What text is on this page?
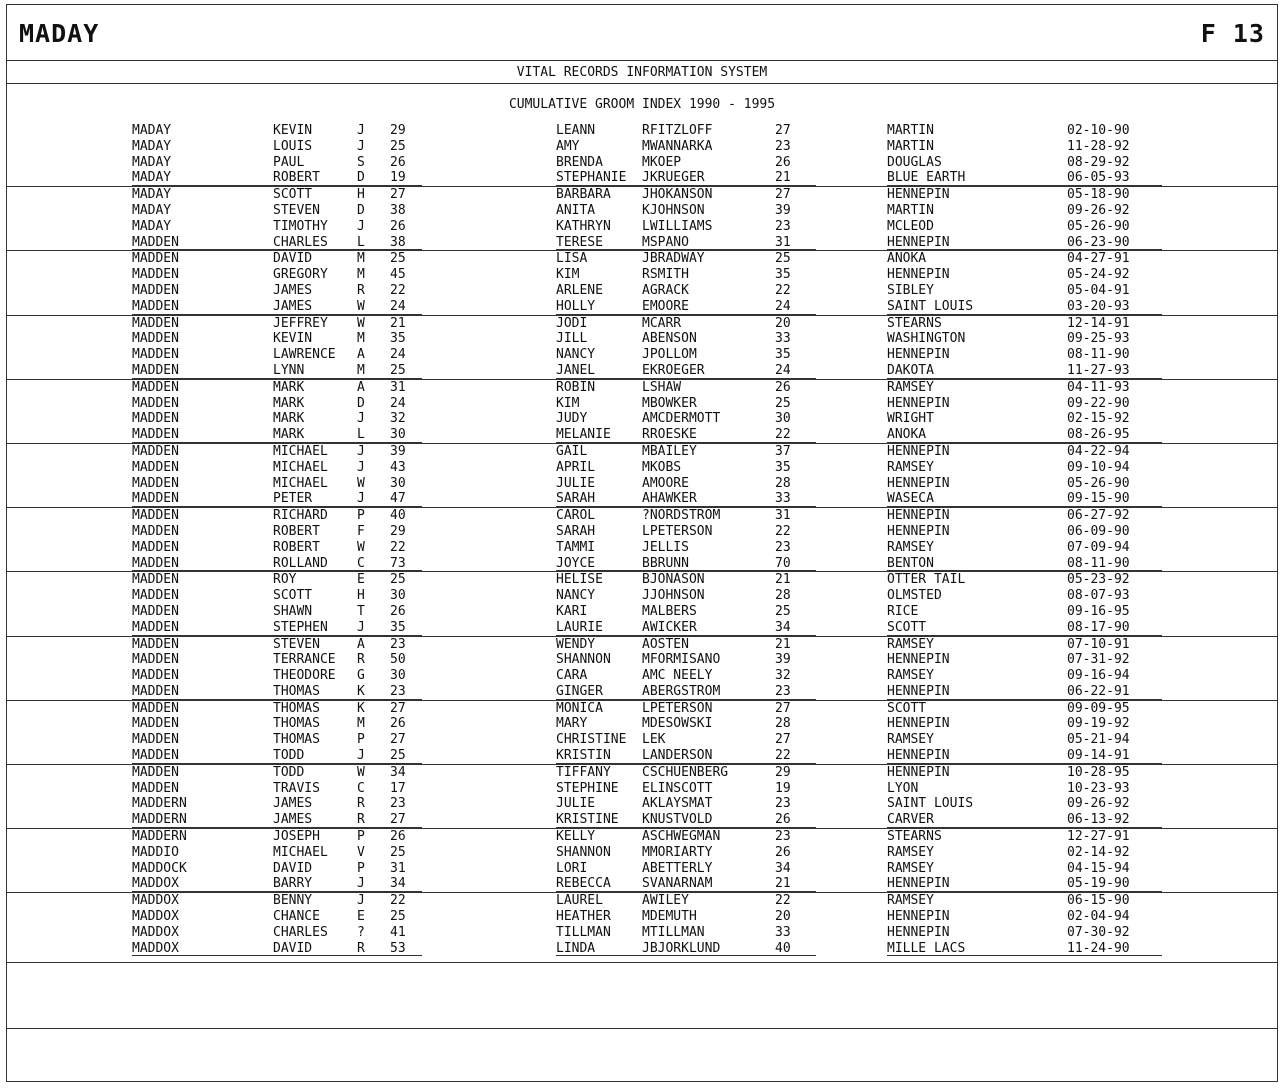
MADAY	F 13
VITAL RECORDS INFORMATION SYSTEM
CUMULATIVE GROOM INDEX 1990 - 1995
MADAY	KEVIN	J	29	LEANN	RFITZLOFF	27	MARTIN	02-10-90
MADAY	LOUIS	J	25	AMY	MWANNARKA	23	MARTIN	11-28-92
MADAY	PAUL	S	26	BRENDA	MKOEP	26	DOUGLAS	08-29-92
MADAY	ROBERT	D	19	STEPHANIE	JKRUEGER	21	BLUE EARTH	06-05-93
MADAY	SCOTT	H	27	BARBARA	JHOKANSON	27	HENNEPIN	05-18-90
MADAY	STEVEN	D	38	ANITA	KJOHNSON	39	MARTIN	09-26-92
MADAY	TIMOTHY	J	26	KATHRYN	LWILLIAMS	23	MCLEOD	05-26-90
MADDEN	CHARLES	L	38	TERESE	MSPANO	31	HENNEPIN	06-23-90
MADDEN	DAVID	M	25	LISA	JBRADWAY	25	ANOKA	04-27-91
MADDEN	GREGORY	M	45	KIM	RSMITH	35	HENNEPIN	05-24-92
MADDEN	JAMES	R	22	ARLENE	AGRACK	22	SIBLEY	05-04-91
MADDEN	JAMES	W	24	HOLLY	EMOORE	24	SAINT LOUIS	03-20-93
MADDEN	JEFFREY	W	21	JODI	MCARR	20	STEARNS	12-14-91
MADDEN	KEVIN	M	35	JILL	ABENSON	33	WASHINGTON	09-25-93
MADDEN	LAWRENCE	A	24	NANCY	JPOLLOM	35	HENNEPIN	08-11-90
MADDEN	LYNN	M	25	JANEL	EKROEGER	24	DAKOTA	11-27-93
MADDEN	MARK	A	31	ROBIN	LSHAW	26	RAMSEY	04-11-93
MADDEN	MARK	D	24	KIM	MBOWKER	25	HENNEPIN	09-22-90
MADDEN	MARK	J	32	JUDY	AMCDERMOTT	30	WRIGHT	02-15-92
MADDEN	MARK	L	30	MELANIE	RROESKE	22	ANOKA	08-26-95
MADDEN	MICHAEL	J	39	GAIL	MBAILEY	37	HENNEPIN	04-22-94
MADDEN	MICHAEL	J	43	APRIL	MKOBS	35	RAMSEY	09-10-94
MADDEN	MICHAEL	W	30	JULIE	AMOORE	28	HENNEPIN	05-26-90
MADDEN	PETER	J	47	SARAH	AHAWKER	33	WASECA	09-15-90
MADDEN	RICHARD	P	40	CAROL	?NORDSTROM	31	HENNEPIN	06-27-92
MADDEN	ROBERT	F	29	SARAH	LPETERSON	22	HENNEPIN	06-09-90
MADDEN	ROBERT	W	22	TAMMI	JELLIS	23	RAMSEY	07-09-94
MADDEN	ROLLAND	C	73	JOYCE	BBRUNN	70	BENTON	08-11-90
MADDEN	ROY	E	25	HELISE	BJONASON	21	OTTER TAIL	05-23-92
MADDEN	SCOTT	H	30	NANCY	JJOHNSON	28	OLMSTED	08-07-93
MADDEN	SHAWN	T	26	KARI	MALBERS	25	RICE	09-16-95
MADDEN	STEPHEN	J	35	LAURIE	AWICKER	34	SCOTT	08-17-90
MADDEN	STEVEN	A	23	WENDY	AOSTEN	21	RAMSEY	07-10-91
MADDEN	TERRANCE	R	50	SHANNON	MFORMISANO	39	HENNEPIN	07-31-92
MADDEN	THEODORE	G	30	CARA	AMC NEELY	32	RAMSEY	09-16-94
MADDEN	THOMAS	K	23	GINGER	ABERGSTROM	23	HENNEPIN	06-22-91
MADDEN	THOMAS	K	27	MONICA	LPETERSON	27	SCOTT	09-09-95
MADDEN	THOMAS	M	26	MARY	MDESOWSKI	28	HENNEPIN	09-19-92
MADDEN	THOMAS	P	27	CHRISTINE	LEK	27	RAMSEY	05-21-94
MADDEN	TODD	J	25	KRISTIN	LANDERSON	22	HENNEPIN	09-14-91
MADDEN	TODD	W	34	TIFFANY	CSCHUENBERG	29	HENNEPIN	10-28-95
MADDEN	TRAVIS	C	17	STEPHINE	ELINSCOTT	19	LYON	10-23-93
MADDERN	JAMES	R	23	JULIE	AKLAYSMAT	23	SAINT LOUIS	09-26-92
MADDERN	JAMES	R	27	KRISTINE	KNUSTVOLD	26	CARVER	06-13-92
MADDERN	JOSEPH	P	26	KELLY	ASCHWEGMAN	23	STEARNS	12-27-91
MADDIO	MICHAEL	V	25	SHANNON	MMORIARTY	26	RAMSEY	02-14-92
MADDOCK	DAVID	P	31	LORI	ABETTERLY	34	RAMSEY	04-15-94
MADDOX	BARRY	J	34	REBECCA	SVANARNAM	21	HENNEPIN	05-19-90
MADDOX	BENNY	J	22	LAUREL	AWILEY	22	RAMSEY	06-15-90
MADDOX	CHANCE	E	25	HEATHER	MDEMUTH	20	HENNEPIN	02-04-94
MADDOX	CHARLES	?	41	TILLMAN	MTILLMAN	33	HENNEPIN	07-30-92
MADDOX	DAVID	R	53	LINDA	JBJORKLUND	40	MILLE LACS	11-24-90
